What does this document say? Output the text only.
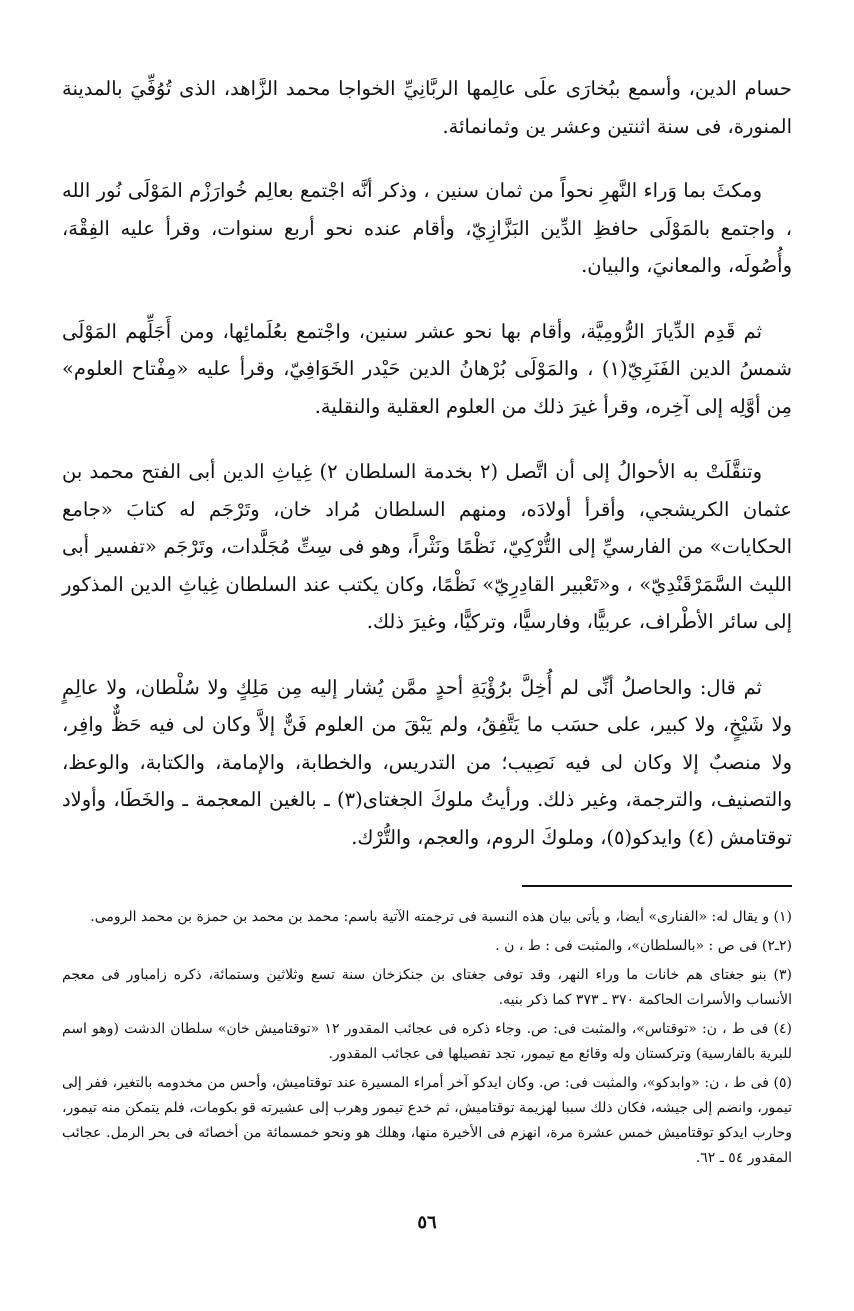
حسام الدين، وأسمع ببُخارَى علَى عالِمها الربَّانِيِّ الخواجا محمد الزَّاهد، الذى تُوُفِّيَ بالمدينة المنورة، فى سنة اثنتين وعشر ين وثمانمائة.

ومكثَ بما وَراء النَّهرِ نحواً من ثمان سنين ، وذكر أنَّه اجْتمع بعالِم خُوارَزْم المَوْلَى نُور الله ، واجتمع بالمَوْلَى حافظِ الدِّين البَزَّازِيّ، وأقام عنده نحو أربع سنوات، وقرأ عليه الفِقْهَ، وأُصُولَه، والمعانيَ، والبيان.

ثم قَدِم الدِّيارَ الرُّومِيَّة، وأقام بها نحو عشر سنين، واجْتمع بعُلَمائِها، ومن أَجَلِّهم المَوْلَى شمسُ الدين الفَنَرِيّ(١) ، والمَوْلَى بُرْهانُ الدين حَيْدر الخَوَافِيّ، وقرأ عليه «مِفْتاح العلوم» مِن أوَّلِه إلى آخِره، وقرأ غيرَ ذلك من العلوم العقلية والنقلية.

وتنقَّلَتْ به الأحوالُ إلى أن اتَّصل (٢ بخدمة السلطان ٢) غِياثِ الدين أبى الفتح محمد بن عثمان الكريشجي، وأقرأ أولادَه، ومنهم السلطان مُراد خان، وتَرْجَم له كتابَ «جامع الحكايات» من الفارسيِّ إلى التُّرْكِيّ، نَظْمًا ونَثْراً، وهو فى سِتِّ مُجَلَّدات، وتَرْجَم «تفسير أبى الليث السَّمَرْقَنْدِيّ» ، و«تَعْبير القادِرِيّ» نَظْمًا، وكان يكتب عند السلطان غِياثِ الدين المذكور إلى سائر الأطْراف، عربيًّا، وفارسيًّا، وتركيًّا، وغيرَ ذلك.

ثم قال: والحاصلُ أنِّى لم أُخِلَّ برُؤْيَةِ أحدٍ ممَّن يُشار إليه مِن مَلِكٍ ولا سُلْطان، ولا عالِمٍ ولا شَيْخٍ، ولا كبير، على حسَب ما يَتَّفِقُ، ولم يَبْقَ من العلوم فَنٌّ إلاَّ وكان لى فيه حَظٌّ وافِر، ولا منصبٌ إلا وكان لى فيه نَصِيب؛ من التدريس، والخطابة، والإمامة، والكتابة، والوعظ، والتصنيف، والترجمة، وغير ذلك. ورأيتُ ملوكَ الجغتاى(٣) ـ بالغين المعجمة ـ والخَطَا، وأولاد توقتامش (٤) وايدكو(٥)، وملوكَ الروم، والعجم، والتُّرْك.

(١) و يقال له: «الفنارى» أيضا، و يأتى بيان هذه النسبة فى ترجمته الآتية باسم: محمد بن محمد بن حمزة بن محمد الرومى.

(٢ـ٢) فى ص : «بالسلطان»، والمثبت فى : ط ، ن .

(٣) بنو جغتاى هم خانات ما وراء النهر، وقد توفى جغتاى بن جنكزخان سنة تسع وثلاثين وستمائة، ذكره زامباور فى معجم الأنساب والأسرات الحاكمة ٣٧٠ ـ ٣٧٣ كما ذكر بنيه.

(٤) فى ط ، ن: «توقتاس»، والمثبت فى: ص. وجاء ذكره فى عجائب المقدور ١٢ «توقتاميش خان» سلطان الدشت (وهو اسم للبرية بالفارسية) وتركستان وله وقائع مع تيمور، تجد تفصيلها فى عجائب المقدور.

(٥) فى ط ، ن: «وابدكو»، والمثبت فى: ص. وكان ايدكو آخر أمراء المسيرة عند توقتاميش، وأحس من مخدومه بالتغير، ففر إلى تيمور، وانضم إلى جيشه، فكان ذلك سببا لهزيمة توقتاميش، ثم خدع تيمور وهرب إلى عشيرته قو بكومات، فلم يتمكن منه تيمور، وحارب ايدكو توقتاميش خمس عشرة مرة، انهزم فى الأخيرة منها، وهلك هو ونحو خمسمائة من أخصائه فى بحر الرمل. عجائب المقدور ٥٤ ـ ٦٢.

٥٦
